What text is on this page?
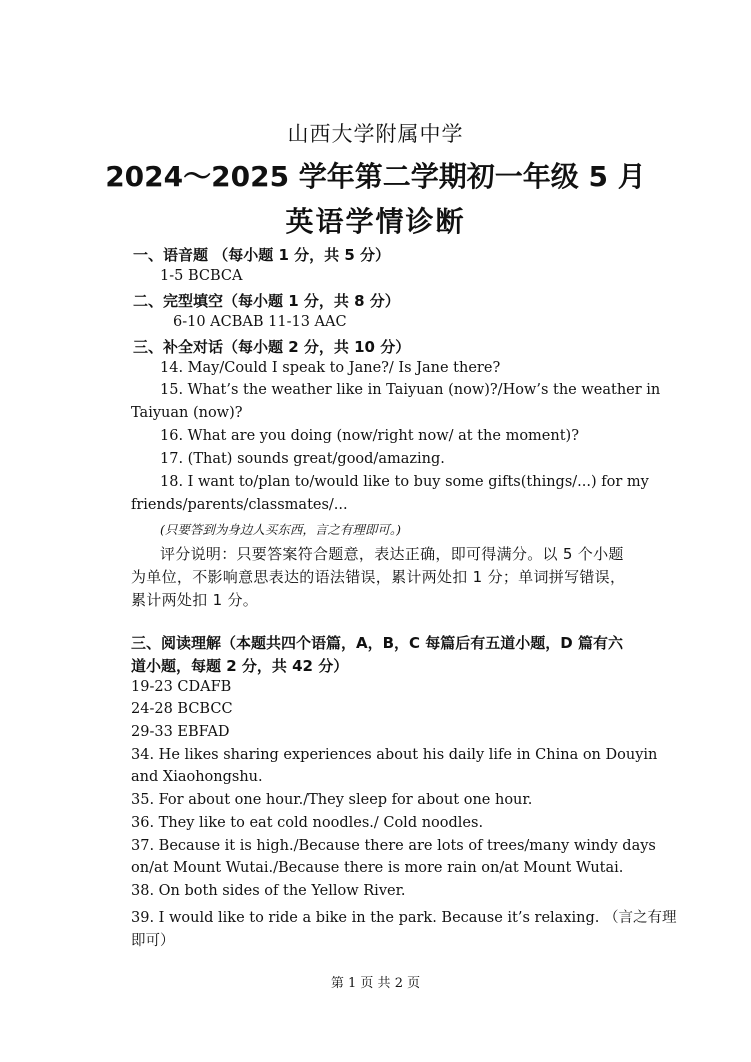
山西大学附属中学
2024～2025 学年第二学期初一年级 5 月
英语学情诊断
一、语音题 （每小题 1 分，共 5 分）
1-5 BCBCA
二、完型填空（每小题 1 分，共 8 分）
6-10 ACBAB 11-13 AAC
三、补全对话（每小题 2 分，共 10 分）
14. May/Could I speak to Jane?/ Is Jane there?
15. What’s the weather like in Taiyuan (now)?/How’s the weather in
Taiyuan (now)?
16. What are you doing (now/right now/ at the moment)?
17. (That) sounds great/good/amazing.
18. I want to/plan to/would like to buy some gifts(things/...) for my
friends/parents/classmates/...
(只要答到为身边人买东西，言之有理即可。)
评分说明：只要答案符合题意，表达正确，即可得满分。以 5 个小题
为单位，不影响意思表达的语法错误，累计两处扣 1 分；单词拼写错误，
累计两处扣 1 分。
三、阅读理解（本题共四个语篇，A，B，C 每篇后有五道小题，D 篇有六
道小题，每题 2 分，共 42 分）
19-23 CDAFB
24-28 BCBCC
29-33 EBFAD
34. He likes sharing experiences about his daily life in China on Douyin
and Xiaohongshu.
35. For about one hour./They sleep for about one hour.
36. They like to eat cold noodles./ Cold noodles.
37. Because it is high./Because there are lots of trees/many windy days
on/at Mount Wutai./Because there is more rain on/at Mount Wutai.
38. On both sides of the Yellow River.
39. I would like to ride a bike in the park. Because it’s relaxing. （言之有理
即可）
第 1 页 共 2 页
